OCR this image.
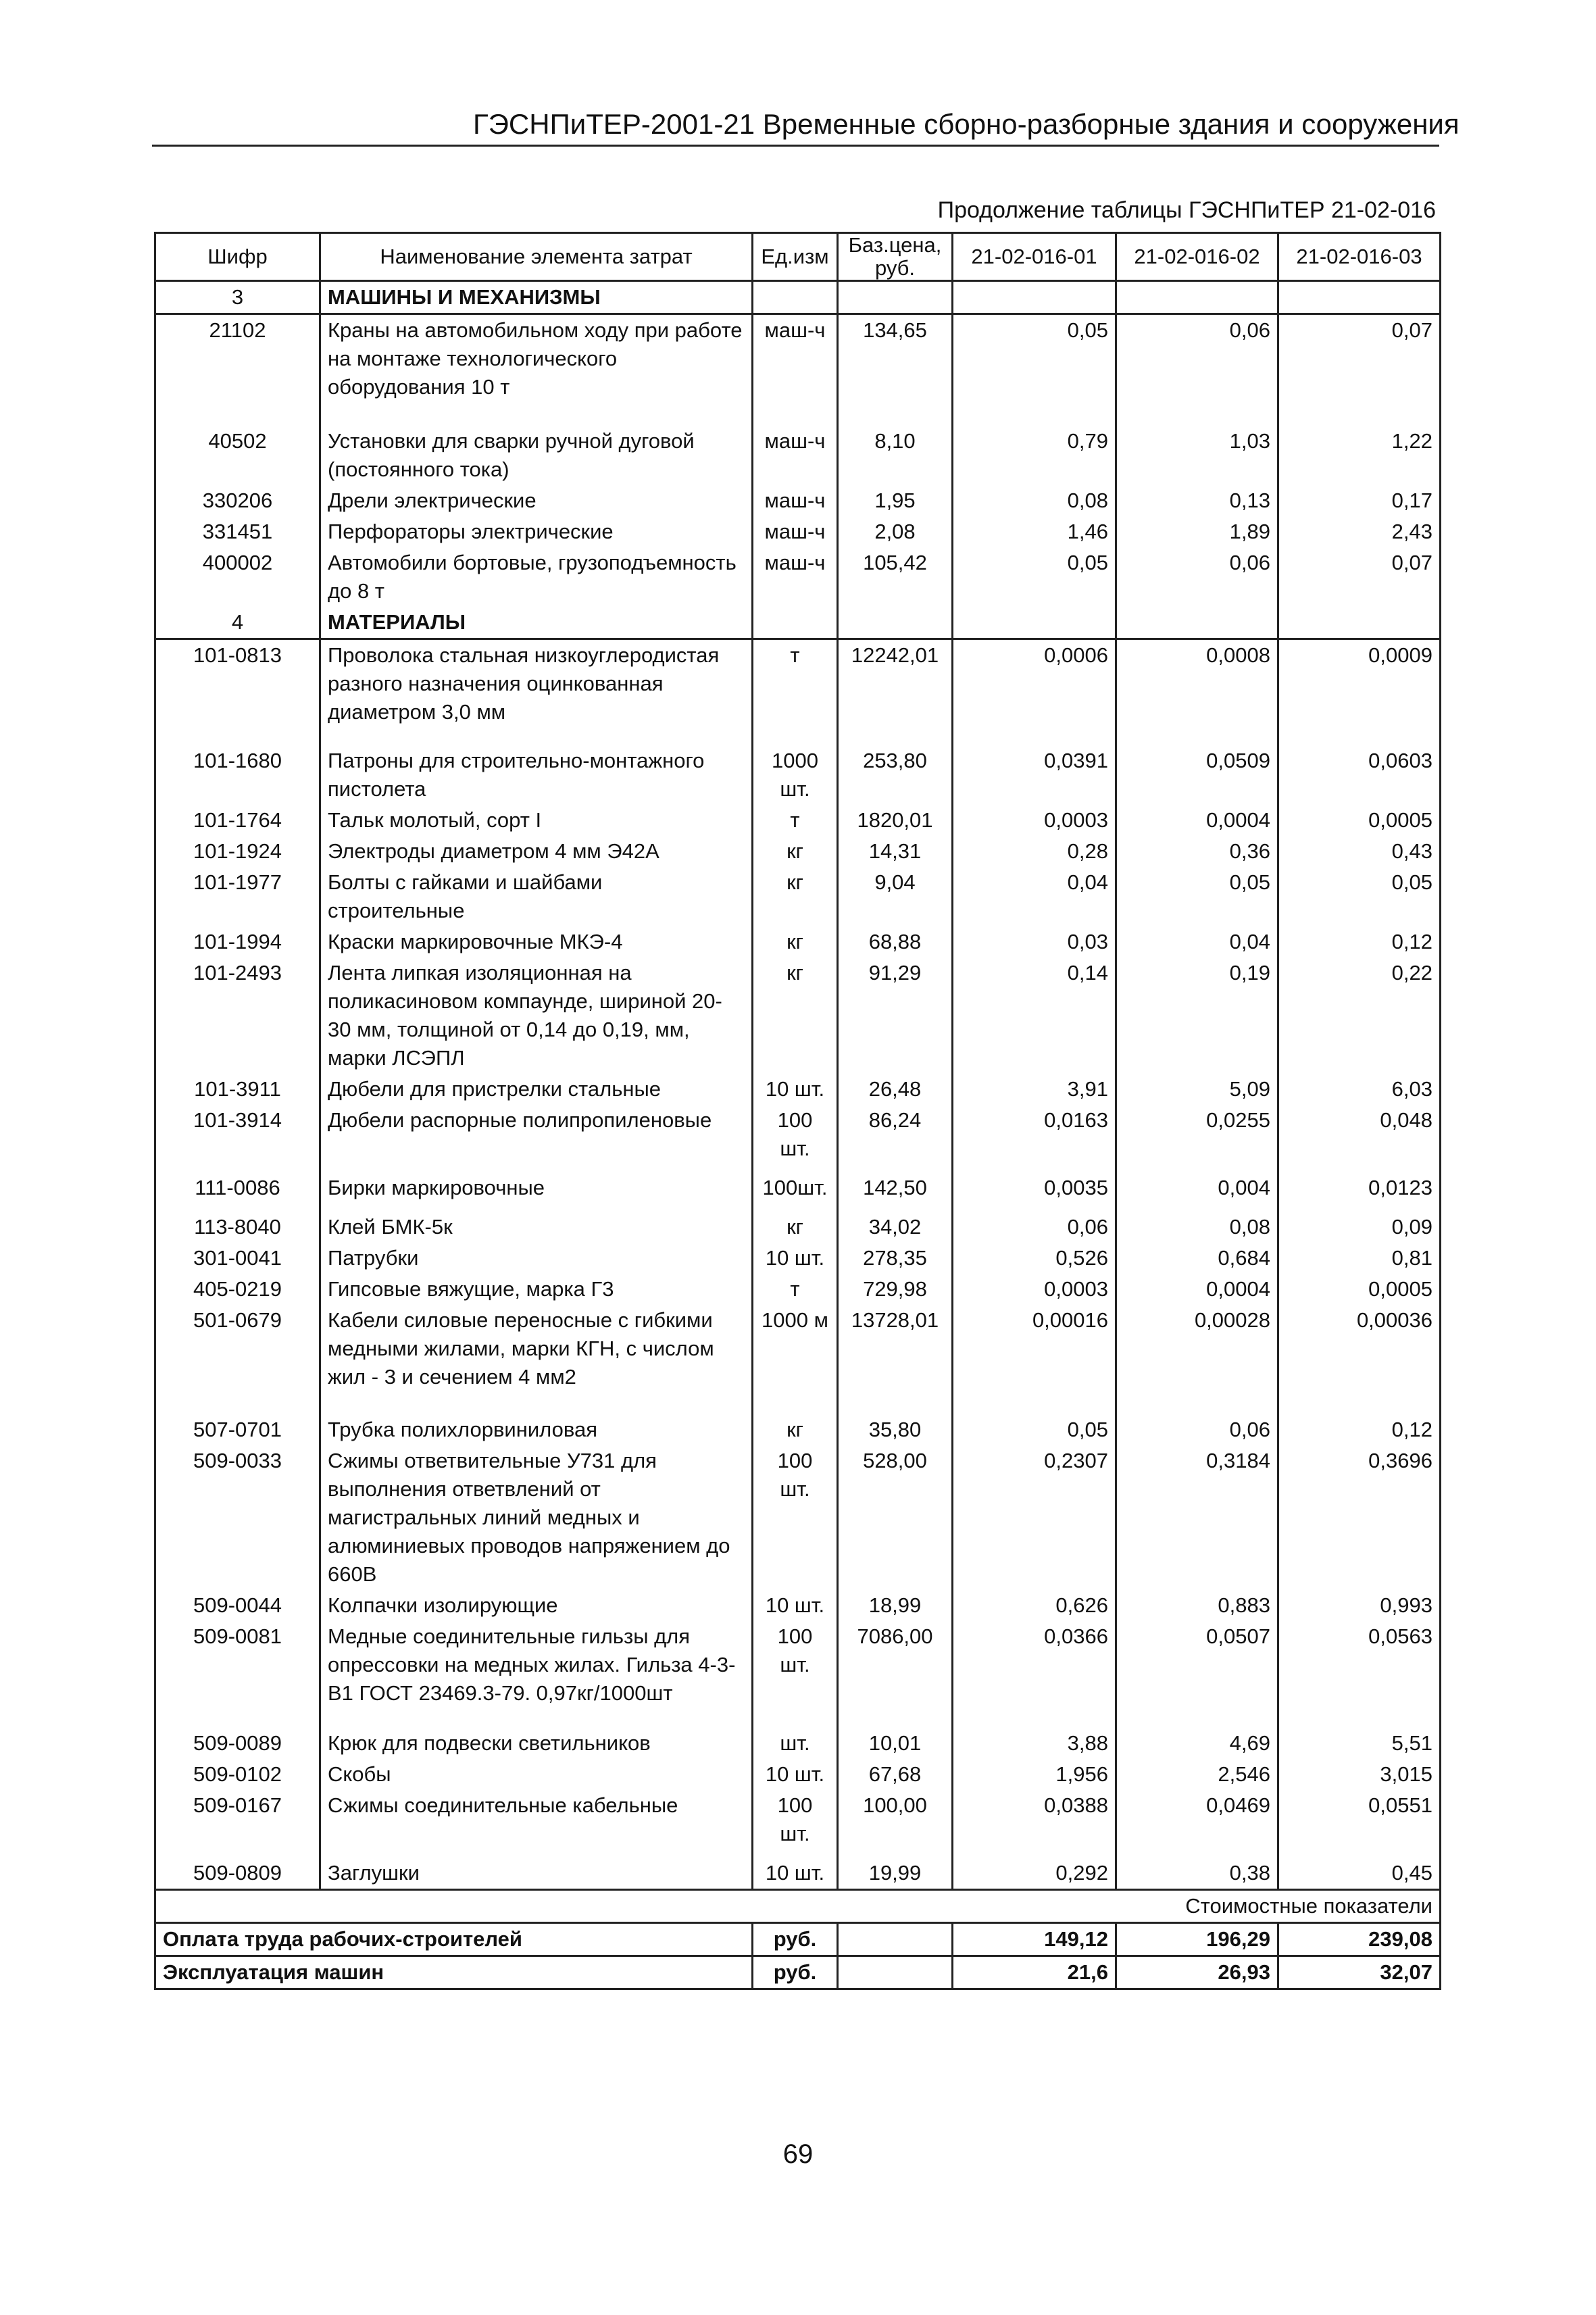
ГЭСНПиТЕР-2001-21 Временные сборно-разборные здания и сооружения
Продолжение таблицы ГЭСНПиТЕР 21-02-016
Шифр	Наименование элемента затрат	Ед.изм	Баз.цена, руб.	21-02-016-01	21-02-016-02	21-02-016-03
3	МАШИНЫ И МЕХАНИЗМЫ					
21102	Краны на автомобильном ходу при работе на монтаже технологического оборудования 10 т	маш-ч	134,65	0,05	0,06	0,07
40502	Установки для сварки ручной дуговой (постоянного тока)	маш-ч	8,10	0,79	1,03	1,22
330206	Дрели электрические	маш-ч	1,95	0,08	0,13	0,17
331451	Перфораторы электрические	маш-ч	2,08	1,46	1,89	2,43
400002	Автомобили бортовые, грузоподъемность до 8 т	маш-ч	105,42	0,05	0,06	0,07
4	МАТЕРИАЛЫ					
101-0813	Проволока стальная низкоуглеродистая разного назначения оцинкованная диаметром 3,0 мм	т	12242,01	0,0006	0,0008	0,0009
101-1680	Патроны для строительно-монтажного пистолета	1000 шт.	253,80	0,0391	0,0509	0,0603
101-1764	Тальк молотый, сорт I	т	1820,01	0,0003	0,0004	0,0005
101-1924	Электроды диаметром 4 мм Э42А	кг	14,31	0,28	0,36	0,43
101-1977	Болты с гайками и шайбами строительные	кг	9,04	0,04	0,05	0,05
101-1994	Краски маркировочные МКЭ-4	кг	68,88	0,03	0,04	0,12
101-2493	Лента липкая изоляционная на поликасиновом компаунде, шириной 20-30 мм, толщиной от 0,14 до 0,19, мм, марки ЛСЭПЛ	кг	91,29	0,14	0,19	0,22
101-3911	Дюбели для пристрелки стальные	10 шт.	26,48	3,91	5,09	6,03
101-3914	Дюбели распорные полипропиленовые	100 шт.	86,24	0,0163	0,0255	0,048
111-0086	Бирки маркировочные	100шт.	142,50	0,0035	0,004	0,0123
113-8040	Клей БМК-5к	кг	34,02	0,06	0,08	0,09
301-0041	Патрубки	10 шт.	278,35	0,526	0,684	0,81
405-0219	Гипсовые вяжущие, марка Г3	т	729,98	0,0003	0,0004	0,0005
501-0679	Кабели силовые переносные с гибкими медными жилами, марки КГН, с числом жил - 3 и сечением 4 мм2	1000 м	13728,01	0,00016	0,00028	0,00036
507-0701	Трубка полихлорвиниловая	кг	35,80	0,05	0,06	0,12
509-0033	Сжимы ответвительные У731 для выполнения ответвлений от магистральных линий медных и алюминиевых проводов напряжением до 660В	100 шт.	528,00	0,2307	0,3184	0,3696
509-0044	Колпачки изолирующие	10 шт.	18,99	0,626	0,883	0,993
509-0081	Медные соединительные гильзы для опрессовки на медных жилах. Гильза 4-3-В1 ГОСТ 23469.3-79. 0,97кг/1000шт	100 шт.	7086,00	0,0366	0,0507	0,0563
509-0089	Крюк для подвески светильников	шт.	10,01	3,88	4,69	5,51
509-0102	Скобы	10 шт.	67,68	1,956	2,546	3,015
509-0167	Сжимы соединительные кабельные	100 шт.	100,00	0,0388	0,0469	0,0551
509-0809	Заглушки	10 шт.	19,99	0,292	0,38	0,45
Стоимостные показатели						
Оплата труда рабочих-строителей		руб.		149,12	196,29	239,08
Эксплуатация машин		руб.		21,6	26,93	32,07
69
